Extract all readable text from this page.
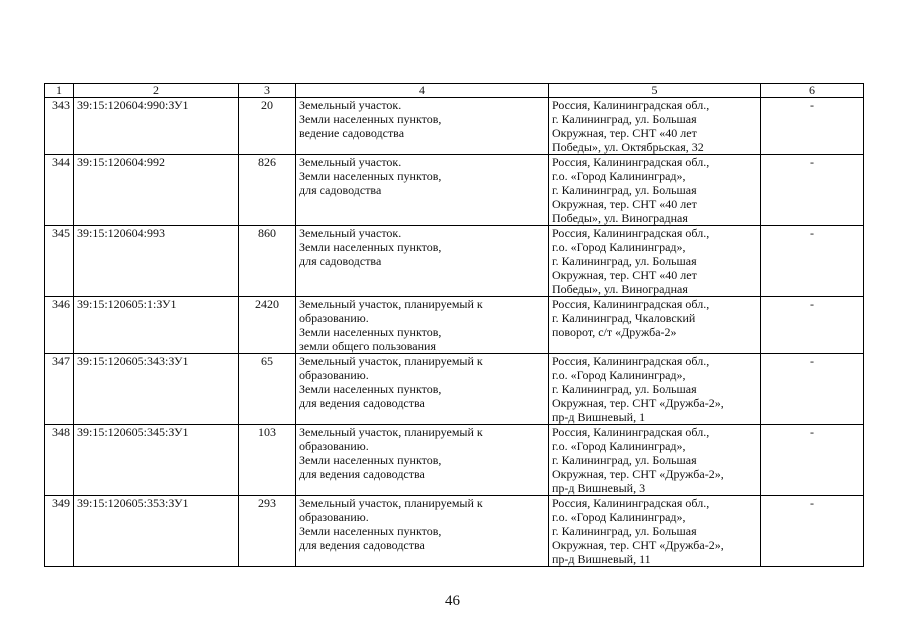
1	2	3	4	5	6
343	39:15:120604:990:ЗУ1	20	Земельный участок.
Земли населенных пунктов,
ведение садоводства	Россия, Калининградская обл.,
г. Калининград, ул. Большая
Окружная, тер. СНТ «40 лет
Победы», ул. Октябрьская, 32	-
344	39:15:120604:992	826	Земельный участок.
Земли населенных пунктов,
для садоводства	Россия, Калининградская обл.,
г.о. «Город Калининград»,
г. Калининград, ул. Большая
Окружная, тер. СНТ «40 лет
Победы», ул. Виноградная	-
345	39:15:120604:993	860	Земельный участок.
Земли населенных пунктов,
для садоводства	Россия, Калининградская обл.,
г.о. «Город Калининград»,
г. Калининград, ул. Большая
Окружная, тер. СНТ «40 лет
Победы», ул. Виноградная	-
346	39:15:120605:1:ЗУ1	2420	Земельный участок, планируемый к
образованию.
Земли населенных пунктов,
земли общего пользования	Россия, Калининградская обл.,
г. Калининград, Чкаловский
поворот, с/т «Дружба-2»	-
347	39:15:120605:343:ЗУ1	65	Земельный участок, планируемый к
образованию.
Земли населенных пунктов,
для ведения садоводства	Россия, Калининградская обл.,
г.о. «Город Калининград»,
г. Калининград, ул. Большая
Окружная, тер. СНТ «Дружба-2»,
пр-д Вишневый, 1	-
348	39:15:120605:345:ЗУ1	103	Земельный участок, планируемый к
образованию.
Земли населенных пунктов,
для ведения садоводства	Россия, Калининградская обл.,
г.о. «Город Калининград»,
г. Калининград, ул. Большая
Окружная, тер. СНТ «Дружба-2»,
пр-д Вишневый, 3	-
349	39:15:120605:353:ЗУ1	293	Земельный участок, планируемый к
образованию.
Земли населенных пунктов,
для ведения садоводства	Россия, Калининградская обл.,
г.о. «Город Калининград»,
г. Калининград, ул. Большая
Окружная, тер. СНТ «Дружба-2»,
пр-д Вишневый, 11	-
46
